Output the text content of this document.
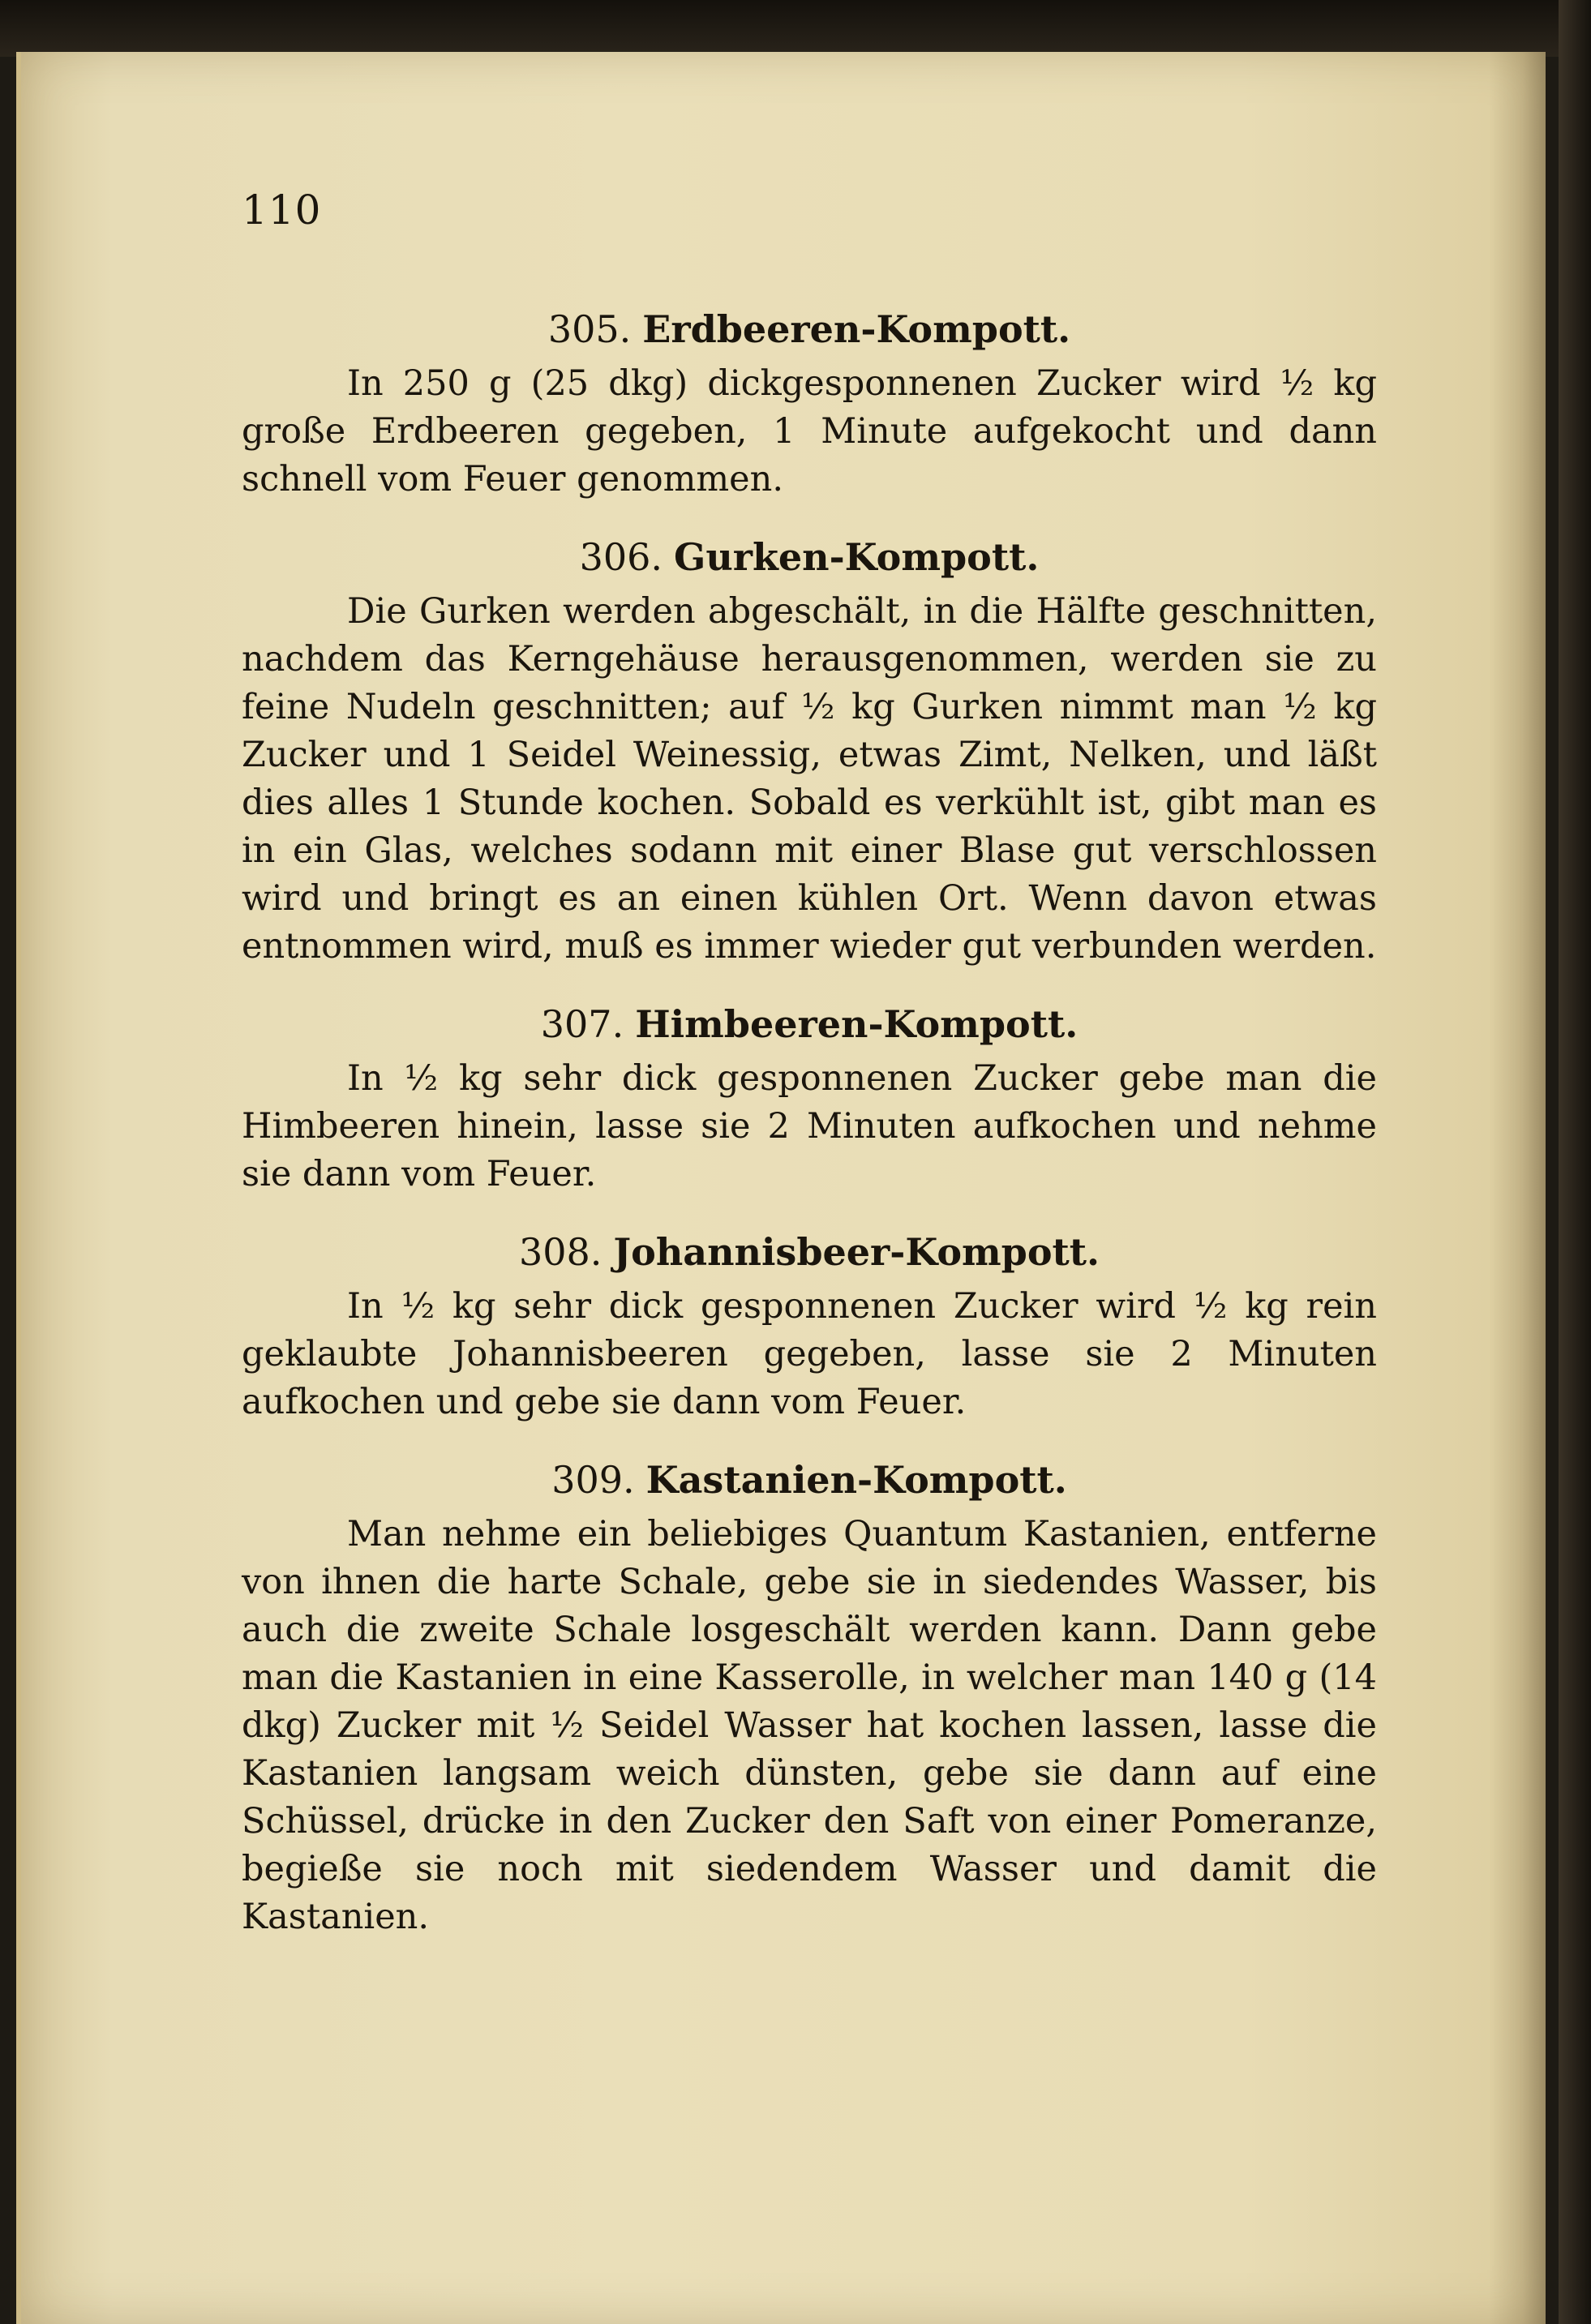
110
305. Erdbeeren-Kompott.

In 250 g (25 dkg) dickgesponnenen Zucker wird ½ kg große Erdbeeren gegeben, 1 Minute aufgekocht und dann schnell vom Feuer genommen.

306. Gurken-Kompott.

Die Gurken werden abgeschält, in die Hälfte geschnitten, nachdem das Kerngehäuse herausgenommen, werden sie zu feine Nudeln geschnitten; auf ½ kg Gurken nimmt man ½ kg Zucker und 1 Seidel Weinessig, etwas Zimt, Nelken, und läßt dies alles 1 Stunde kochen. Sobald es verkühlt ist, gibt man es in ein Glas, welches sodann mit einer Blase gut verschlossen wird und bringt es an einen kühlen Ort. Wenn davon etwas entnommen wird, muß es immer wieder gut verbunden werden.

307. Himbeeren-Kompott.

In ½ kg sehr dick gesponnenen Zucker gebe man die Himbeeren hinein, lasse sie 2 Minuten aufkochen und nehme sie dann vom Feuer.

308. Johannisbeer-Kompott.

In ½ kg sehr dick gesponnenen Zucker wird ½ kg rein geklaubte Johannisbeeren gegeben, lasse sie 2 Minuten aufkochen und gebe sie dann vom Feuer.

309. Kastanien-Kompott.

Man nehme ein beliebiges Quantum Kastanien, entferne von ihnen die harte Schale, gebe sie in siedendes Wasser, bis auch die zweite Schale losgeschält werden kann. Dann gebe man die Kastanien in eine Kasserolle, in welcher man 140 g (14 dkg) Zucker mit ½ Seidel Wasser hat kochen lassen, lasse die Kastanien langsam weich dünsten, gebe sie dann auf eine Schüssel, drücke in den Zucker den Saft von einer Pomeranze, begieße sie noch mit siedendem Wasser und damit die Kastanien.
